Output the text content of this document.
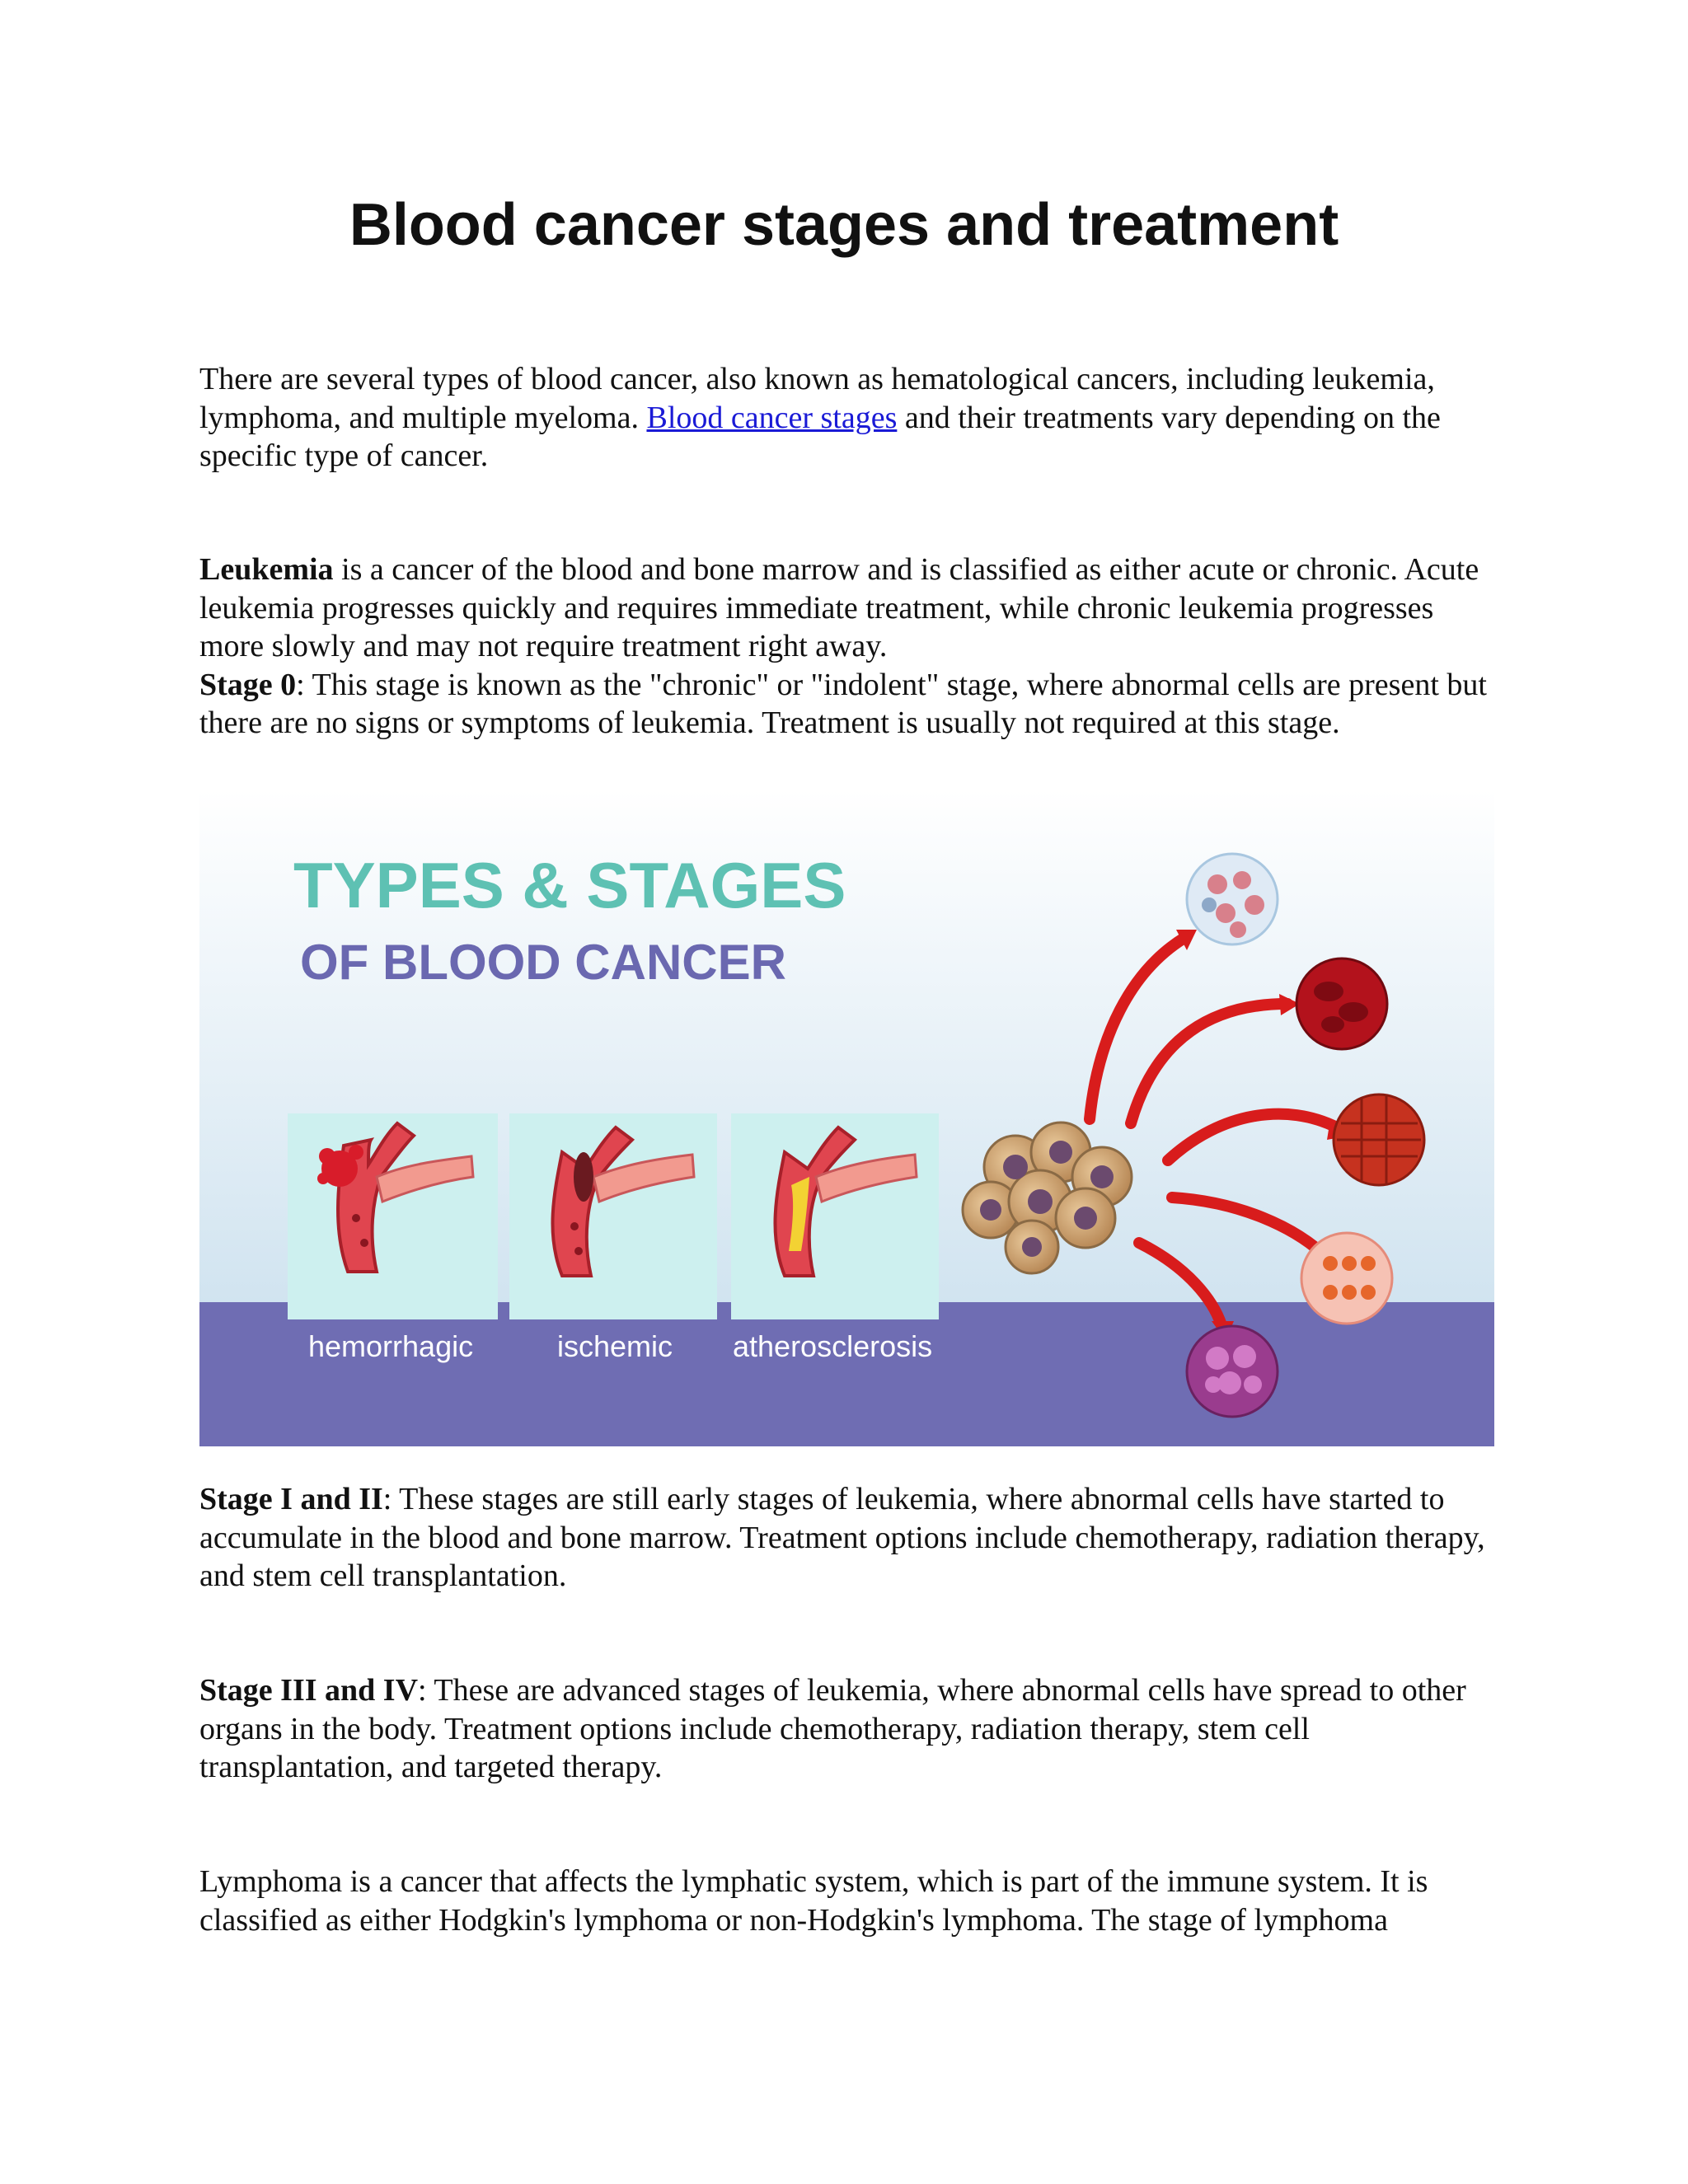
Blood cancer stages and treatment

There are several types of blood cancer, also known as hematological cancers, including leukemia, lymphoma, and multiple myeloma. Blood cancer stages and their treatments vary depending on the specific type of cancer.

Leukemia is a cancer of the blood and bone marrow and is classified as either acute or chronic. Acute leukemia progresses quickly and requires immediate treatment, while chronic leukemia progresses more slowly and may not require treatment right away.
Stage 0: This stage is known as the "chronic" or "indolent" stage, where abnormal cells are present but there are no signs or symptoms of leukemia. Treatment is usually not required at this stage.

TYPES & STAGES
OF BLOOD CANCER
hemorrhagic	ischemic atherosclerosis

Stage I and II: These stages are still early stages of leukemia, where abnormal cells have started to accumulate in the blood and bone marrow. Treatment options include chemotherapy, radiation therapy, and stem cell transplantation.

Stage III and IV: These are advanced stages of leukemia, where abnormal cells have spread to other organs in the body. Treatment options include chemotherapy, radiation therapy, stem cell transplantation, and targeted therapy.

Lymphoma is a cancer that affects the lymphatic system, which is part of the immune system. It is classified as either Hodgkin's lymphoma or non-Hodgkin's lymphoma. The stage of lymphoma
